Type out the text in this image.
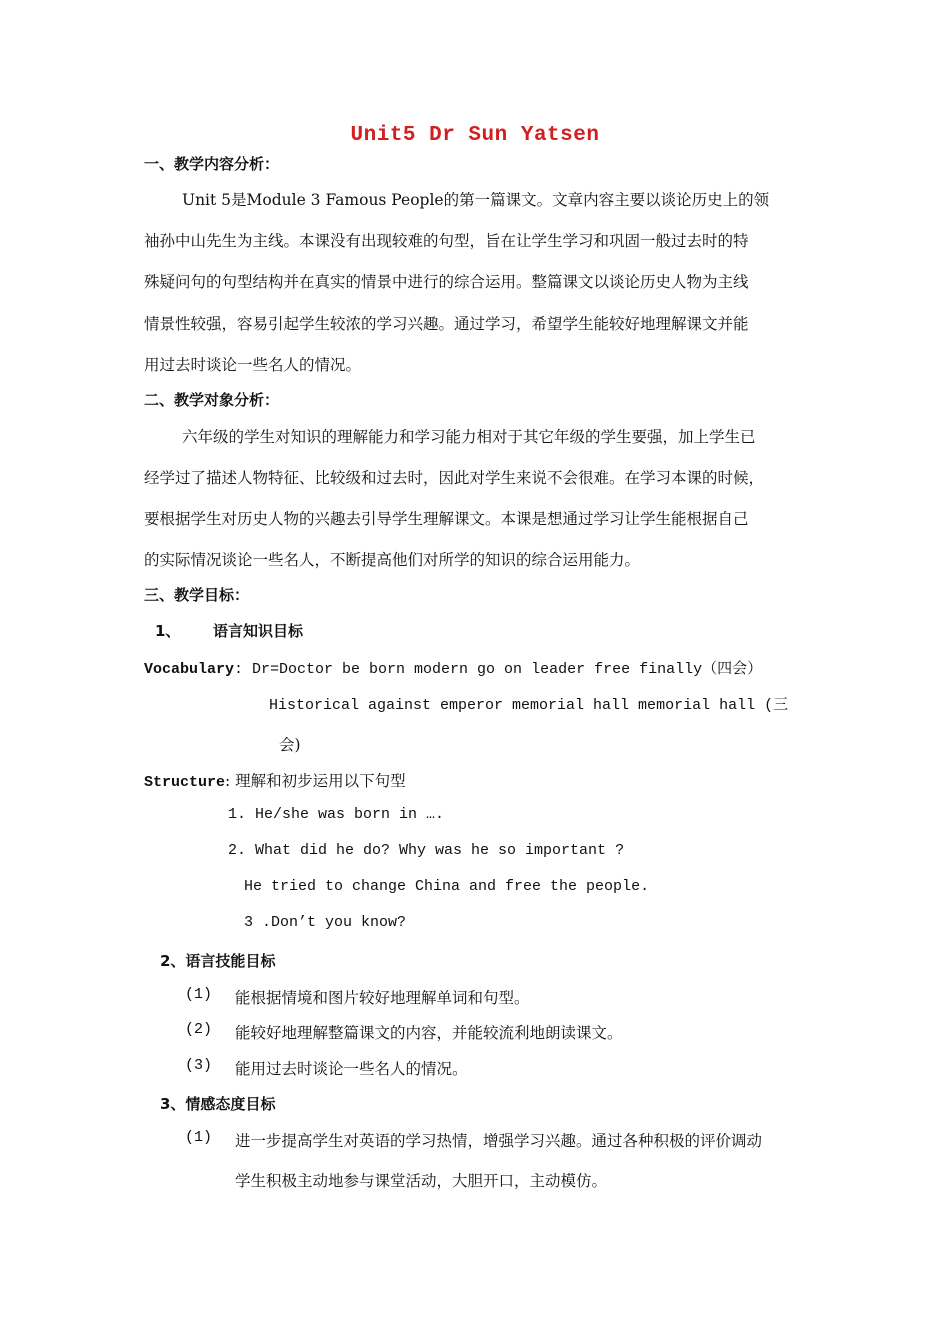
Unit5 Dr Sun Yatsen
一、教学内容分析：
Unit 5是Module 3 Famous People的第一篇课文。文章内容主要以谈论历史上的领
袖孙中山先生为主线。本课没有出现较难的句型，旨在让学生学习和巩固一般过去时的特
殊疑问句的句型结构并在真实的情景中进行的综合运用。整篇课文以谈论历史人物为主线
情景性较强，容易引起学生较浓的学习兴趣。通过学习，希望学生能较好地理解课文并能
用过去时谈论一些名人的情况。
二、教学对象分析：
六年级的学生对知识的理解能力和学习能力相对于其它年级的学生要强，加上学生已
经学过了描述人物特征、比较级和过去时，因此对学生来说不会很难。在学习本课的时候，
要根据学生对历史人物的兴趣去引导学生理解课文。本课是想通过学习让学生能根据自己
的实际情况谈论一些名人，不断提高他们对所学的知识的综合运用能力。
三、教学目标：
1、 语言知识目标
Vocabulary: Dr=Doctor be born modern go on leader free finally（四会）
Historical against emperor memorial hall memorial hall (三
会)
Structure: 理解和初步运用以下句型
1. He/she was born in ….
2. What did he do? Why was he so important ?
He tried to change China and free the people.
3 .Don’t you know?
2、语言技能目标
(1) 能根据情境和图片较好地理解单词和句型。
(2) 能较好地理解整篇课文的内容，并能较流利地朗读课文。
(3) 能用过去时谈论一些名人的情况。
3、情感态度目标
(1) 进一步提高学生对英语的学习热情，增强学习兴趣。通过各种积极的评价调动
学生积极主动地参与课堂活动，大胆开口，主动模仿。
